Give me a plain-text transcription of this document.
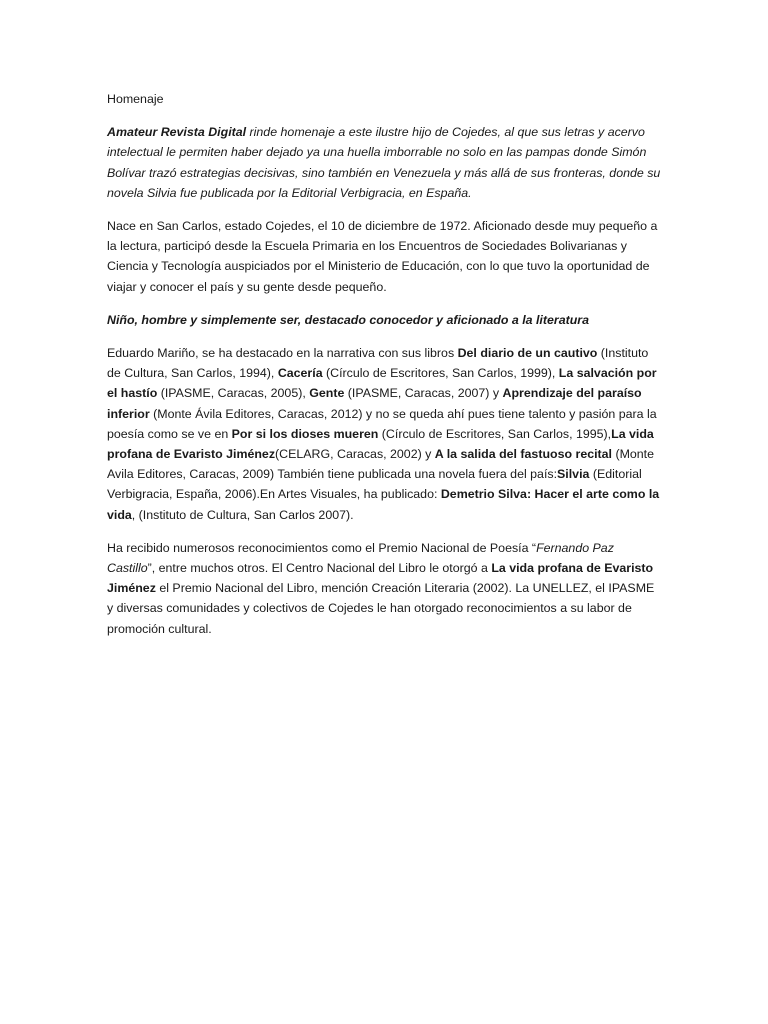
Homenaje

Amateur Revista Digital rinde homenaje a este ilustre hijo de Cojedes, al que sus letras y acervo intelectual le permiten haber dejado ya una huella imborrable no solo en las pampas donde Simón Bolívar trazó estrategias decisivas, sino también en Venezuela y más allá de sus fronteras, donde su novela Silvia fue publicada por la Editorial Verbigracia, en España.

Nace en San Carlos, estado Cojedes, el 10 de diciembre de 1972. Aficionado desde muy pequeño a la lectura, participó desde la Escuela Primaria en los Encuentros de Sociedades Bolivarianas y Ciencia y Tecnología auspiciados por el Ministerio de Educación, con lo que tuvo la oportunidad de viajar y conocer el país y su gente desde pequeño.

Niño, hombre y simplemente ser, destacado conocedor y aficionado a la literatura

Eduardo Mariño, se ha destacado en la narrativa con sus libros Del diario de un cautivo (Instituto de Cultura, San Carlos, 1994), Cacería (Círculo de Escritores, San Carlos, 1999), La salvación por el hastío (IPASME, Caracas, 2005), Gente (IPASME, Caracas, 2007) y Aprendizaje del paraíso inferior (Monte Ávila Editores, Caracas, 2012) y no se queda ahí pues tiene talento y pasión para la poesía como se ve en Por si los dioses mueren (Círculo de Escritores, San Carlos, 1995),La vida profana de Evaristo Jiménez(CELARG, Caracas, 2002) y A la salida del fastuoso recital (Monte Avila Editores, Caracas, 2009) También tiene publicada una novela fuera del país:Silvia (Editorial Verbigracia, España, 2006).En Artes Visuales, ha publicado: Demetrio Silva: Hacer el arte como la vida, (Instituto de Cultura, San Carlos 2007).

Ha recibido numerosos reconocimientos como el Premio Nacional de Poesía “Fernando Paz Castillo”, entre muchos otros. El Centro Nacional del Libro le otorgó a La vida profana de Evaristo Jiménez el Premio Nacional del Libro, mención Creación Literaria (2002). La UNELLEZ, el IPASME y diversas comunidades y colectivos de Cojedes le han otorgado reconocimientos a su labor de promoción cultural.
